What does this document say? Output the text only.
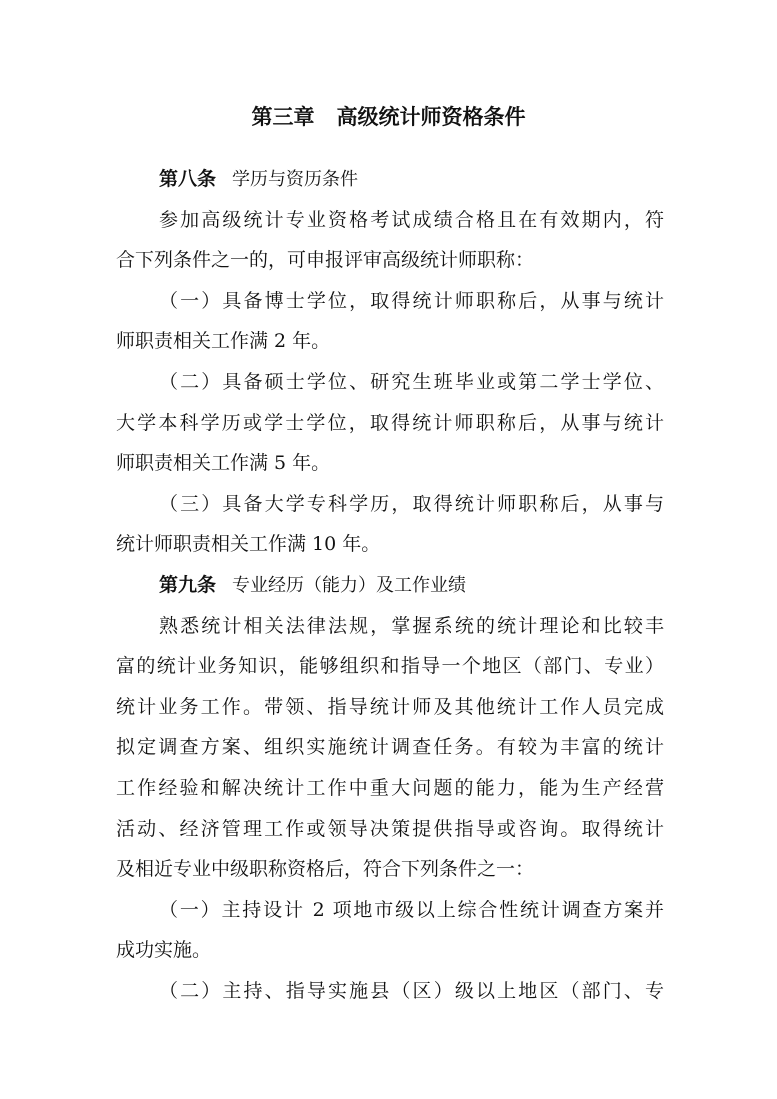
第三章 高级统计师资格条件
第八条 学历与资历条件
参加高级统计专业资格考试成绩合格且在有效期内，符
合下列条件之一的，可申报评审高级统计师职称：
（一）具备博士学位，取得统计师职称后，从事与统计
师职责相关工作满 2 年。
（二）具备硕士学位、研究生班毕业或第二学士学位、
大学本科学历或学士学位，取得统计师职称后，从事与统计
师职责相关工作满 5 年。
（三）具备大学专科学历，取得统计师职称后，从事与
统计师职责相关工作满 10 年。
第九条 专业经历（能力）及工作业绩
熟悉统计相关法律法规，掌握系统的统计理论和比较丰
富的统计业务知识，能够组织和指导一个地区（部门、专业）
统计业务工作。带领、指导统计师及其他统计工作人员完成
拟定调查方案、组织实施统计调查任务。有较为丰富的统计
工作经验和解决统计工作中重大问题的能力，能为生产经营
活动、经济管理工作或领导决策提供指导或咨询。取得统计
及相近专业中级职称资格后，符合下列条件之一：
（一）主持设计 2 项地市级以上综合性统计调查方案并
成功实施。
（二）主持、指导实施县（区）级以上地区（部门、专
